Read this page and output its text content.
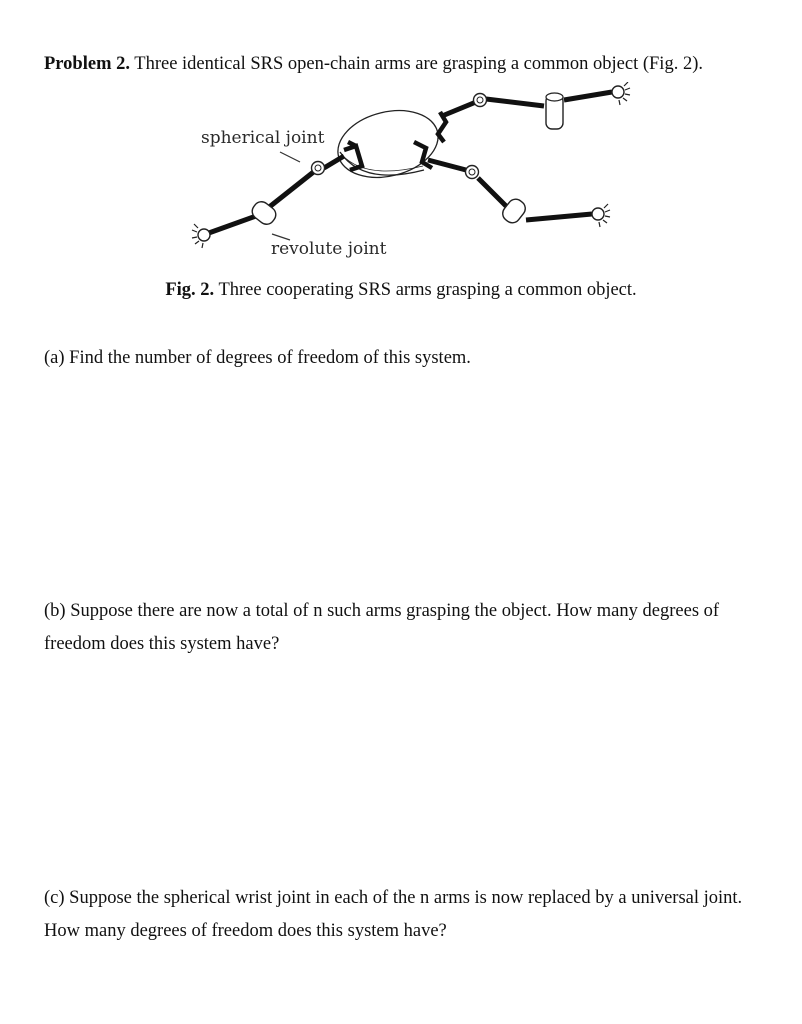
Problem 2. Three identical SRS open-chain arms are grasping a common object (Fig. 2).
spherical joint
revolute joint
Fig. 2. Three cooperating SRS arms grasping a common object.
(a) Find the number of degrees of freedom of this system.
(b) Suppose there are now a total of n such arms grasping the object. How many degrees of
freedom does this system have?
(c) Suppose the spherical wrist joint in each of the n arms is now replaced by a universal joint.
How many degrees of freedom does this system have?
